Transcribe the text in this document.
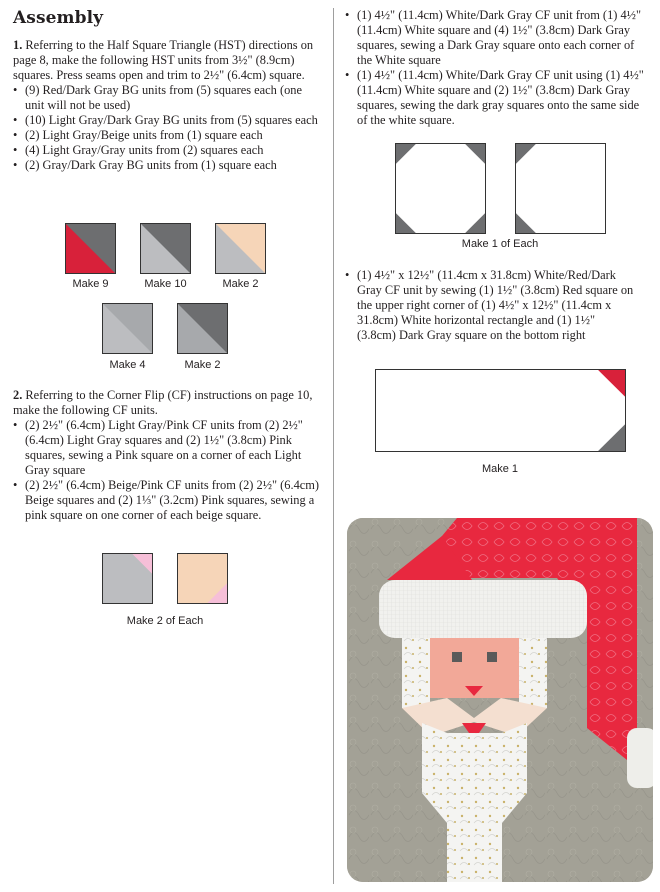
Assembly

1. Referring to the Half Square Triangle (HST) directions on page 8, make the following HST units from 3½" (8.9cm) squares. Press seams open and trim to 2½" (6.4cm) square.

• (9) Red/Dark Gray BG units from (5) squares each (one unit will not be used)
• (10) Light Gray/Dark Gray BG units from (5) squares each
• (2) Light Gray/Beige units from (1) square each
• (4) Light Gray/Gray units from (2) squares each
• (2) Gray/Dark Gray BG units from (1) square each
Make 9	Make 10	Make 2
Make 4	Make 2

2. Referring to the Corner Flip (CF) instructions on page 10, make the following CF units.

• (2) 2½" (6.4cm) Light Gray/Pink CF units from (2) 2½" (6.4cm) Light Gray squares and (2) 1½" (3.8cm) Pink squares, sewing a Pink square on a corner of each Light Gray square
• (2) 2½" (6.4cm) Beige/Pink CF units from (2) 2½" (6.4cm) Beige squares and (2) 1⅓" (3.2cm) Pink squares, sewing a pink square on one corner of each beige square.
Make 2 of Each
• (1) 4½" (11.4cm) White/Dark Gray CF unit from (1) 4½" (11.4cm) White square and (4) 1½" (3.8cm) Dark Gray squares, sewing a Dark Gray square onto each corner of the White square
• (1) 4½" (11.4cm) White/Dark Gray CF unit using (1) 4½" (11.4cm) White square and (2) 1½" (3.8cm) Dark Gray squares, sewing the dark gray squares onto the same side of the white square.
Make 1 of Each
• (1) 4½" x 12½" (11.4cm x 31.8cm) White/Red/Dark Gray CF unit by sewing (1) 1½" (3.8cm) Red square on the upper right corner of (1) 4½" x 12½" (11.4cm x 31.8cm) White horizontal rectangle and (1) 1½" (3.8cm) Dark Gray square on the bottom right
Make 1
